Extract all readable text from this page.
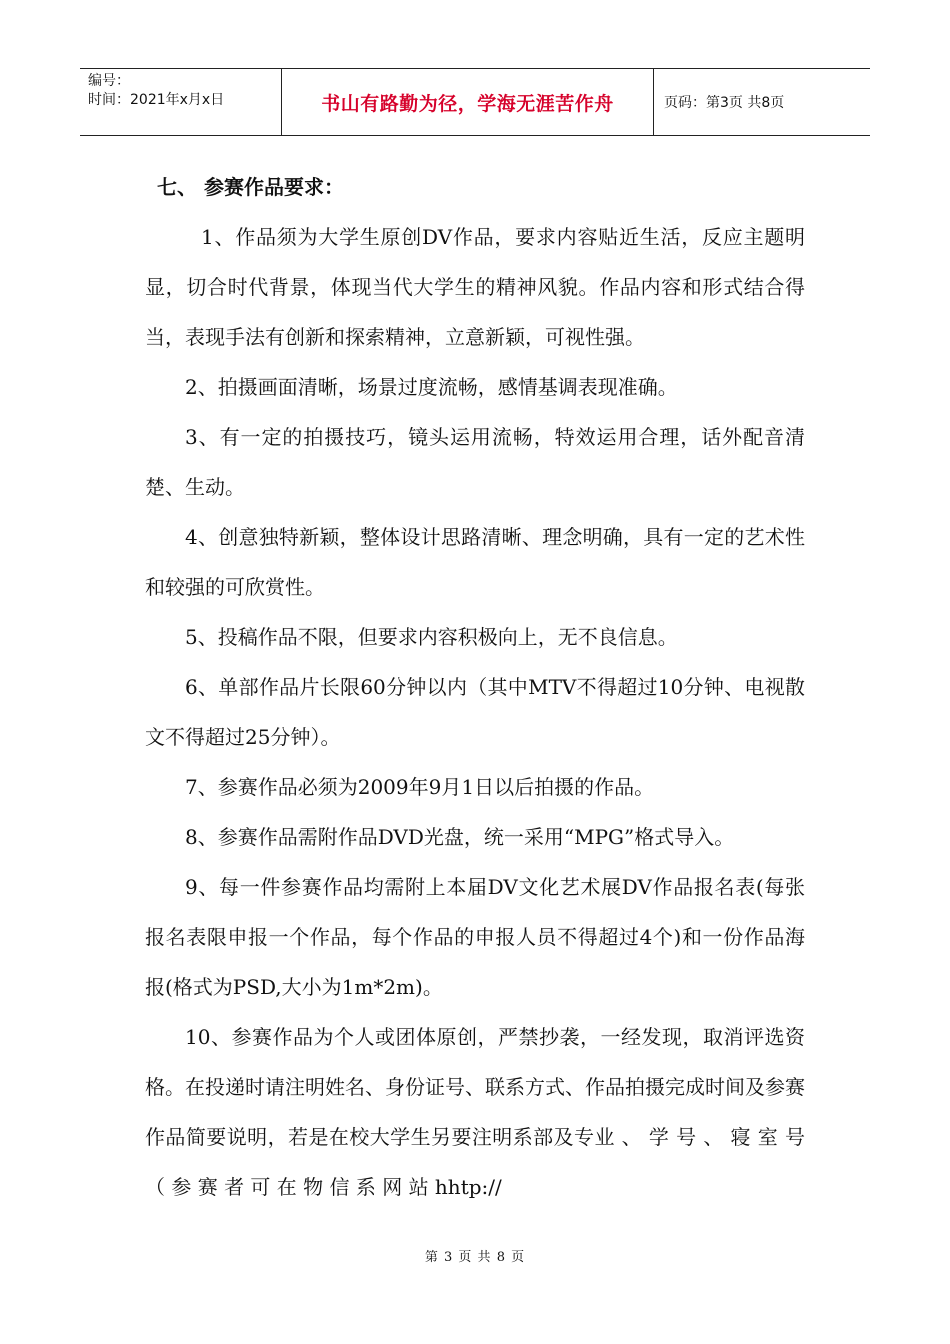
编号：
时间：2021年x月x日	书山有路勤为径，学海无涯苦作舟	页码：第3页 共8页

七、 参赛作品要求：

1、作品须为大学生原创DV作品，要求内容贴近生活，反应主题明显，切合时代背景，体现当代大学生的精神风貌。作品内容和形式结合得当，表现手法有创新和探索精神，立意新颖，可视性强。

2、拍摄画面清晰，场景过度流畅，感情基调表现准确。

3、有一定的拍摄技巧，镜头运用流畅，特效运用合理，话外配音清楚、生动。

4、创意独特新颖，整体设计思路清晰、理念明确，具有一定的艺术性和较强的可欣赏性。

5、投稿作品不限，但要求内容积极向上，无不良信息。

6、单部作品片长限60分钟以内（其中MTV不得超过10分钟、电视散文不得超过25分钟）。

7、参赛作品必须为2009年9月1日以后拍摄的作品。

8、参赛作品需附作品DVD光盘，统一采用“MPG”格式导入。

9、每一件参赛作品均需附上本届DV文化艺术展DV作品报名表(每张报名表限申报一个作品，每个作品的申报人员不得超过4个)和一份作品海报(格式为PSD,大小为1m*2m)。

10、参赛作品为个人或团体原创，严禁抄袭，一经发现，取消评选资格。在投递时请注明姓名、身份证号、联系方式、作品拍摄完成时间及参赛作品简要说明，若是在校大学生另要注明系部及专业 、 学 号 、 寝 室 号 （ 参 赛 者 可 在 物 信 系 网 站 hhtp://

第 3 页 共 8 页
